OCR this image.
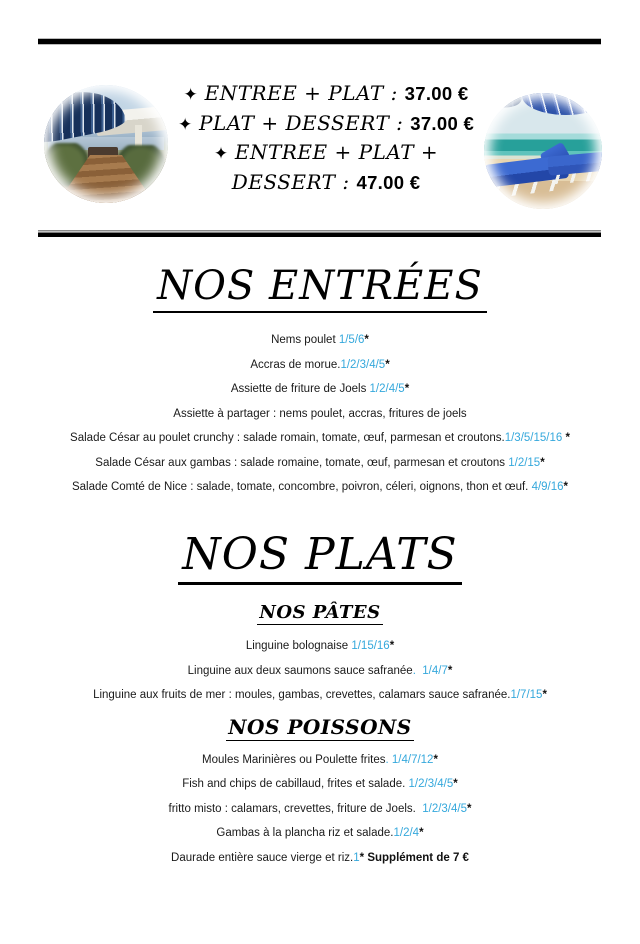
✦ ENTREE + PLAT : 37.00 €
✦ PLAT + DESSERT : 37.00 €
✦ ENTREE + PLAT +
DESSERT : 47.00 €
NOS ENTRÉES
Nems poulet 1/5/6*
Accras de morue.1/2/3/4/5*
Assiette de friture de Joels 1/2/4/5*
Assiette à partager : nems poulet, accras, fritures de joels
Salade César au poulet crunchy : salade romain, tomate, œuf, parmesan et croutons.1/3/5/15/16 *
Salade César aux gambas : salade romaine, tomate, œuf, parmesan et croutons 1/2/15*
Salade Comté de Nice : salade, tomate, concombre, poivron, céleri, oignons, thon et œuf. 4/9/16*
NOS PLATS
NOS PÂTES
Linguine bolognaise 1/15/16*
Linguine aux deux saumons sauce safranée.  1/4/7*
Linguine aux fruits de mer : moules, gambas, crevettes, calamars sauce safranée.1/7/15*
NOS POISSONS
Moules Marinières ou Poulette frites. 1/4/7/12*
Fish and chips de cabillaud, frites et salade. 1/2/3/4/5*
fritto misto : calamars, crevettes, friture de Joels.  1/2/3/4/5*
Gambas à la plancha riz et salade.1/2/4*
Daurade entière sauce vierge et riz.1* Supplément de 7 €
